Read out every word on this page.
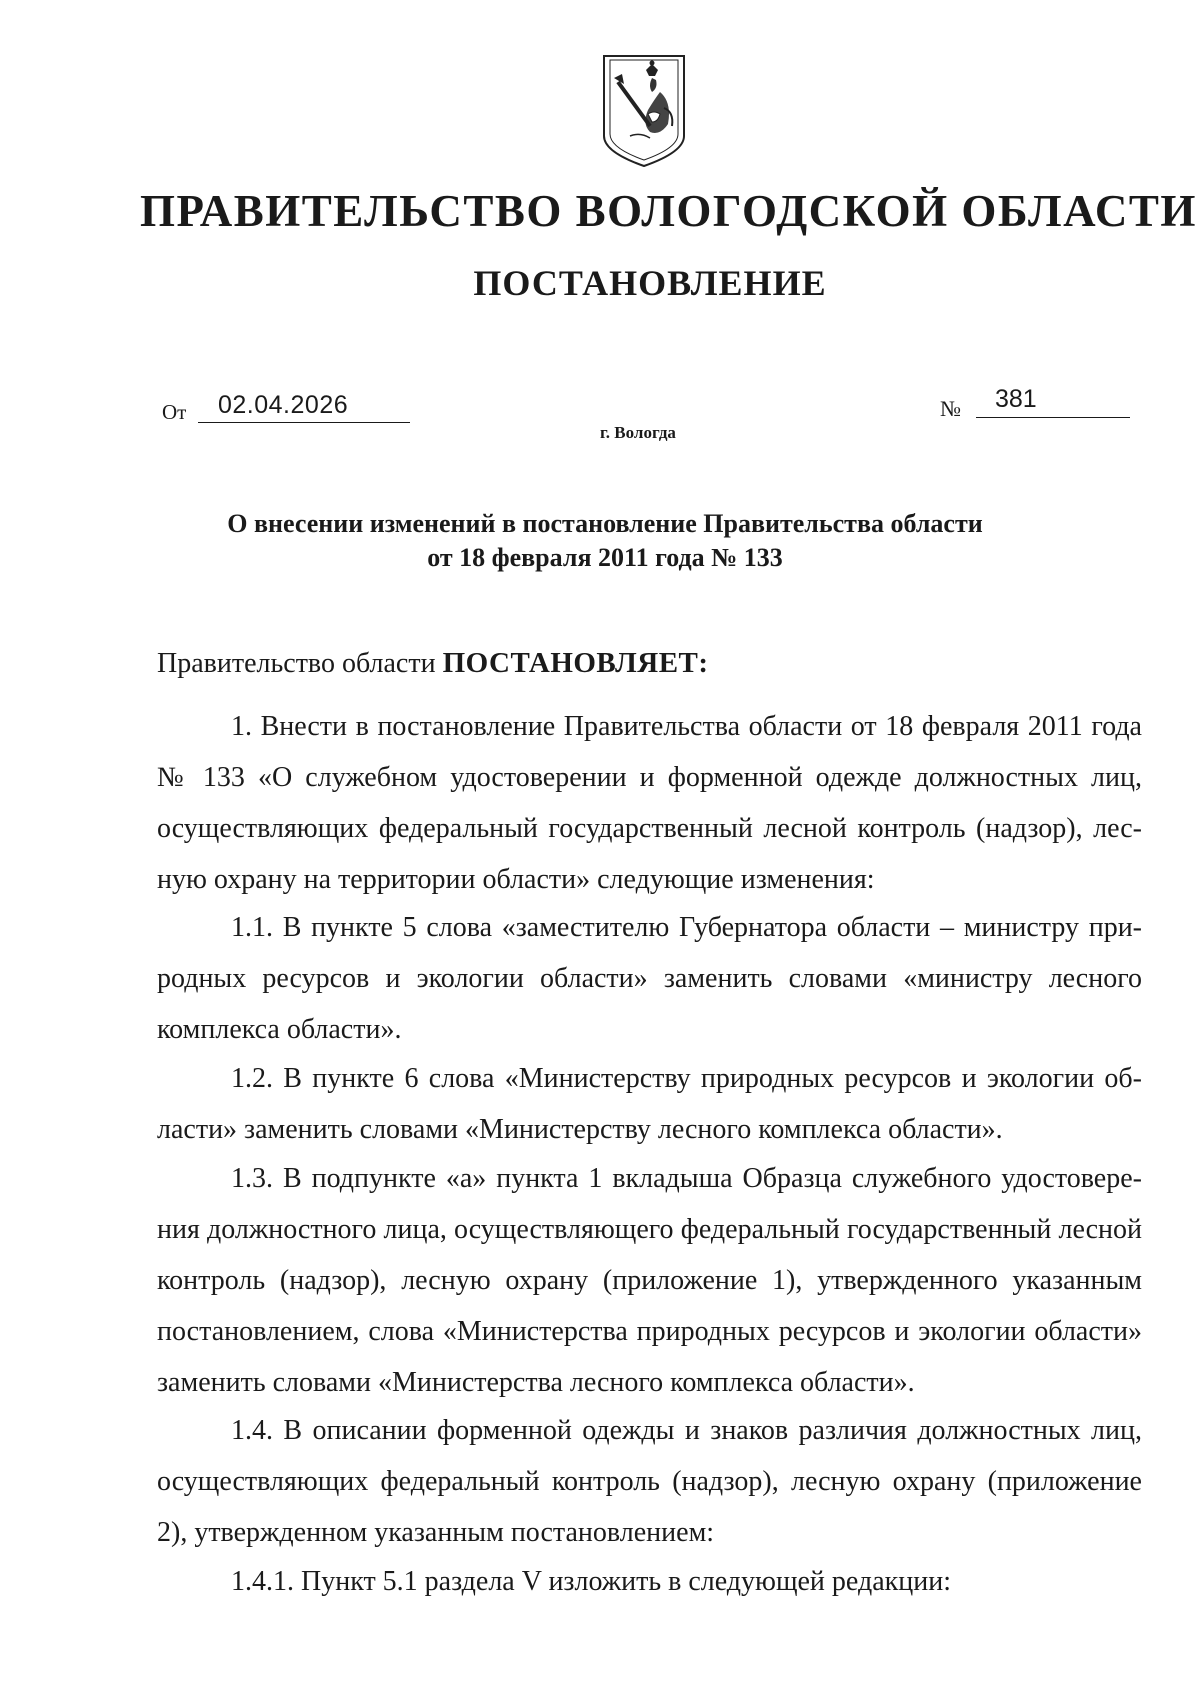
ПРАВИТЕЛЬСТВО ВОЛОГОДСКОЙ ОБЛАСТИ
ПОСТАНОВЛЕНИЕ
От 02.04.2026	№ 381
г. Вологда
О внесении изменений в постановление Правительства области
от 18 февраля 2011 года № 133
Правительство области ПОСТАНОВЛЯЕТ:
1. Внести в постановление Правительства области от 18 февраля 2011 года № 133 «О служебном удостоверении и форменной одежде должностных лиц, осуществляющих федеральный государственный лесной контроль (надзор), лесную охрану на территории области» следующие изменения:
1.1. В пункте 5 слова «заместителю Губернатора области – министру природных ресурсов и экологии области» заменить словами «министру лесного комплекса области».
1.2. В пункте 6 слова «Министерству природных ресурсов и экологии области» заменить словами «Министерству лесного комплекса области».
1.3. В подпункте «а» пункта 1 вкладыша Образца служебного удостоверения должностного лица, осуществляющего федеральный государственный лесной контроль (надзор), лесную охрану (приложение 1), утвержденного указанным постановлением, слова «Министерства природных ресурсов и экологии области» заменить словами «Министерства лесного комплекса области».
1.4. В описании форменной одежды и знаков различия должностных лиц, осуществляющих федеральный контроль (надзор), лесную охрану (приложение 2), утвержденном указанным постановлением:
1.4.1. Пункт 5.1 раздела V изложить в следующей редакции:
